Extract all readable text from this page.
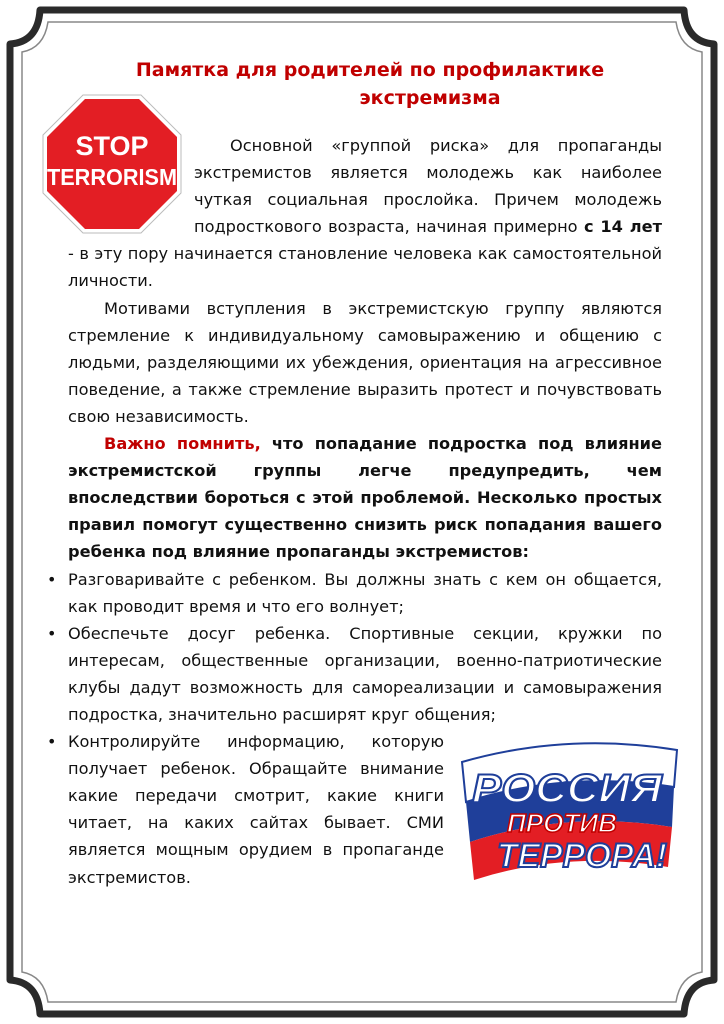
Памятка для родителей по профилактике
экстремизма
STOP
TERRORISM

Основной «группой риска» для пропаганды экстремистов является молодежь как наиболее чуткая социальная прослойка. Причем молодежь подросткового возраста, начиная примерно с 14 лет - в эту пору начинается становление человека как самостоятельной личности.

Мотивами вступления в экстремистскую группу являются стремление к индивидуальному самовыражению и общению с людьми, разделяющими их убеждения, ориентация на агрессивное поведение, а также стремление выразить протест и почувствовать свою независимость.

Важно помнить, что попадание подростка под влияние экстремистской группы легче предупредить, чем впоследствии бороться с этой проблемой. Несколько простых правил помогут существенно снизить риск попадания вашего ребенка под влияние пропаганды экстремистов:

• Разговаривайте с ребенком. Вы должны знать с кем он общается, как проводит время и что его волнует;
• Обеспечьте досуг ребенка. Спортивные секции, кружки по интересам, общественные организации, военно-патриотические клубы дадут возможность для самореализации и самовыражения подростка, значительно расширят круг общения;
• РОССИЯ
ПРОТИВ
ТЕРРОРА!
Контролируйте информацию, которую получает ребенок. Обращайте внимание какие передачи смотрит, какие книги читает, на каких сайтах бывает. СМИ является мощным орудием в пропаганде экстремистов.
